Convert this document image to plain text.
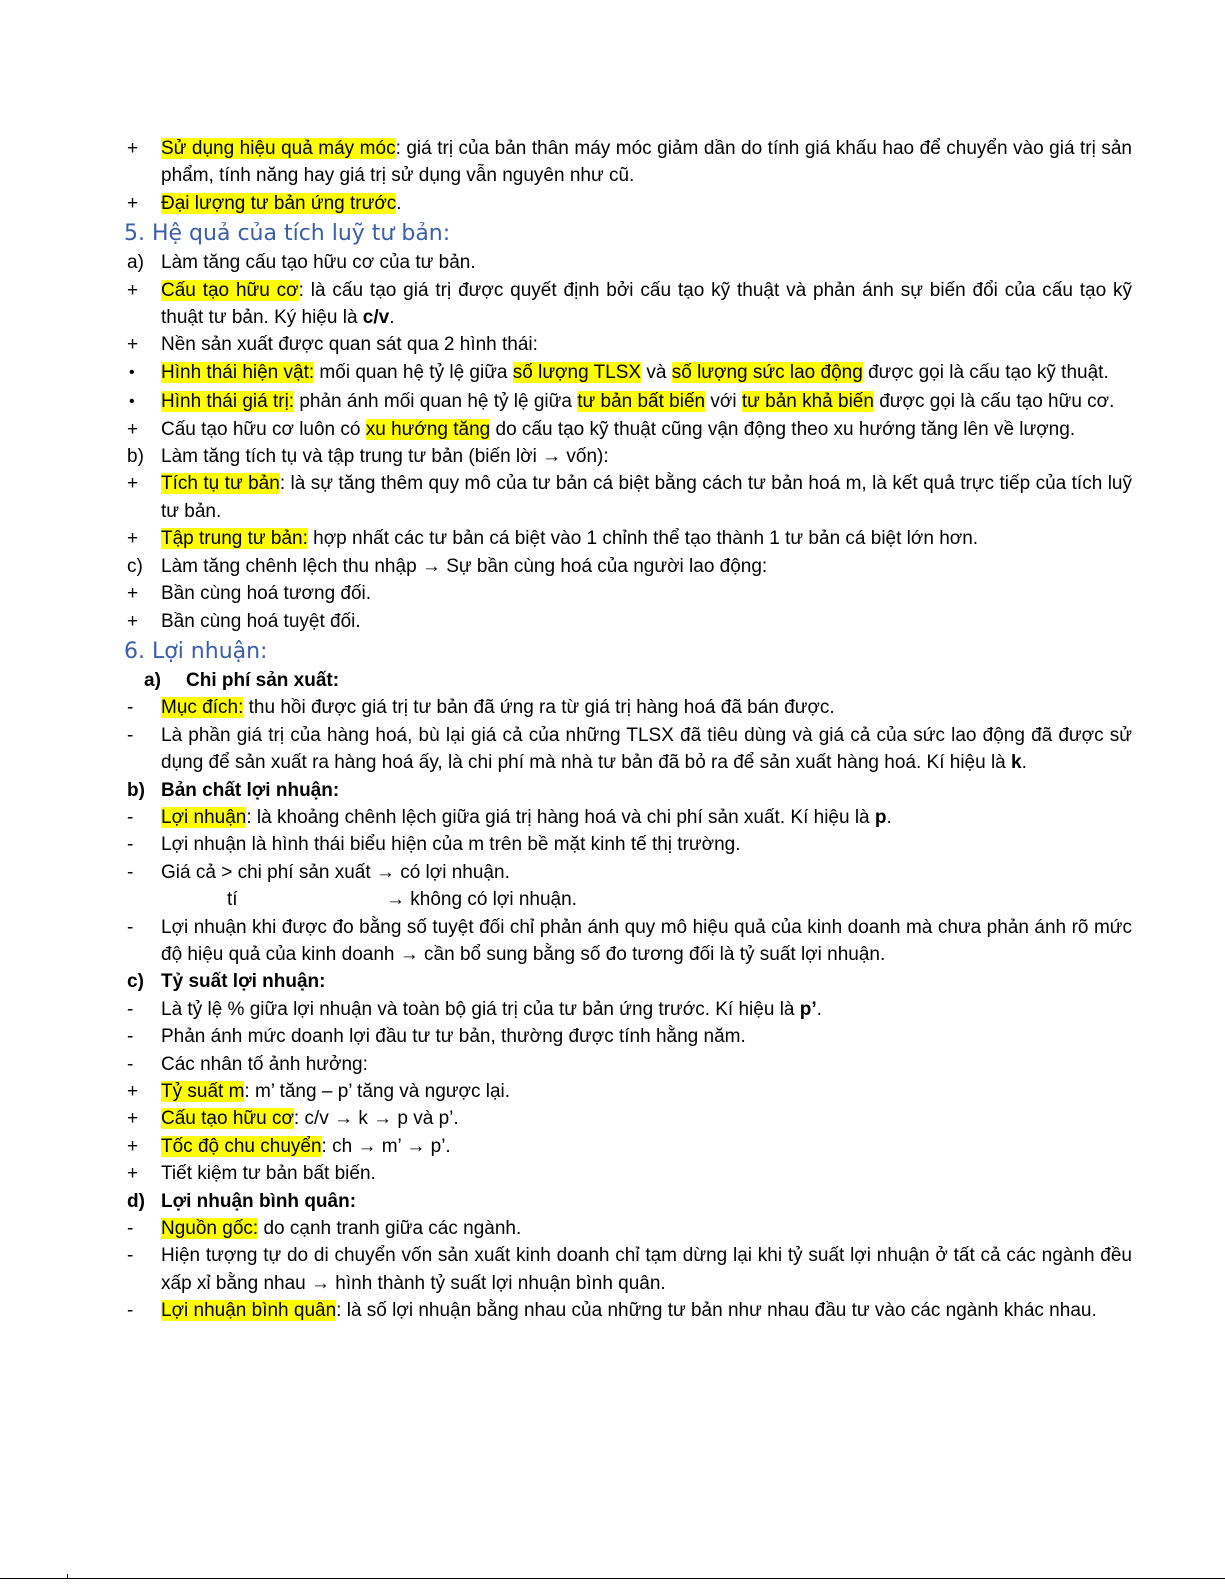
+ Sử dụng hiệu quả máy móc: giá trị của bản thân máy móc giảm dần do tính giá khấu hao để chuyển vào giá trị sản phẩm, tính năng hay giá trị sử dụng vẫn nguyên như cũ.
+ Đại lượng tư bản ứng trước.
5. Hệ quả của tích luỹ tư bản:
a) Làm tăng cấu tạo hữu cơ của tư bản.
+ Cấu tạo hữu cơ: là cấu tạo giá trị được quyết định bởi cấu tạo kỹ thuật và phản ánh sự biến đổi của cấu tạo kỹ thuật tư bản. Ký hiệu là c/v.
+ Nền sản xuất được quan sát qua 2 hình thái:
• Hình thái hiện vật: mối quan hệ tỷ lệ giữa số lượng TLSX và số lượng sức lao động được gọi là cấu tạo kỹ thuật.
• Hình thái giá trị: phản ánh mối quan hệ tỷ lệ giữa tư bản bất biến với tư bản khả biến được gọi là cấu tạo hữu cơ.
+ Cấu tạo hữu cơ luôn có xu hướng tăng do cấu tạo kỹ thuật cũng vận động theo xu hướng tăng lên về lượng.
b) Làm tăng tích tụ và tập trung tư bản (biến lời → vốn):
+ Tích tụ tư bản: là sự tăng thêm quy mô của tư bản cá biệt bằng cách tư bản hoá m, là kết quả trực tiếp của tích luỹ tư bản.
+ Tập trung tư bản: hợp nhất các tư bản cá biệt vào 1 chỉnh thể tạo thành 1 tư bản cá biệt lớn hơn.
c) Làm tăng chênh lệch thu nhập → Sự bần cùng hoá của người lao động:
+ Bần cùng hoá tương đối.
+ Bần cùng hoá tuyệt đối.
6. Lợi nhuận:
a)	Chi phí sản xuất:
- Mục đích: thu hồi được giá trị tư bản đã ứng ra từ giá trị hàng hoá đã bán được.
- Là phần giá trị của hàng hoá, bù lại giá cả của những TLSX đã tiêu dùng và giá cả của sức lao động đã được sử dụng để sản xuất ra hàng hoá ấy, là chi phí mà nhà tư bản đã bỏ ra để sản xuất hàng hoá. Kí hiệu là k.
b) Bản chất lợi nhuận:
- Lợi nhuận: là khoảng chênh lệch giữa giá trị hàng hoá và chi phí sản xuất. Kí hiệu là p.
- Lợi nhuận là hình thái biểu hiện của m trên bề mặt kinh tế thị trường.
- Giá cả > chi phí sản xuất → có lợi nhuận.
tí	→ không có lợi nhuận.

- Lợi nhuận khi được đo bằng số tuyệt đối chỉ phản ánh quy mô hiệu quả của kinh doanh mà chưa phản ánh rõ mức độ hiệu quả của kinh doanh → cần bổ sung bằng số đo tương đối là tỷ suất lợi nhuận.
c) Tỷ suất lợi nhuận:
- Là tỷ lệ % giữa lợi nhuận và toàn bộ giá trị của tư bản ứng trước. Kí hiệu là p’.
- Phản ánh mức doanh lợi đầu tư tư bản, thường được tính hằng năm.
- Các nhân tố ảnh hưởng:
+ Tỷ suất m: m’ tăng – p’ tăng và ngược lại.
+ Cấu tạo hữu cơ: c/v → k → p và p’.
+ Tốc độ chu chuyển: ch → m’ → p’.
+ Tiết kiệm tư bản bất biến.
d) Lợi nhuận bình quân:
- Nguồn gốc: do cạnh tranh giữa các ngành.
- Hiện tượng tự do di chuyển vốn sản xuất kinh doanh chỉ tạm dừng lại khi tỷ suất lợi nhuận ở tất cả các ngành đều xấp xỉ bằng nhau → hình thành tỷ suất lợi nhuận bình quân.
- Lợi nhuận bình quân: là số lợi nhuận bằng nhau của những tư bản như nhau đầu tư vào các ngành khác nhau.
